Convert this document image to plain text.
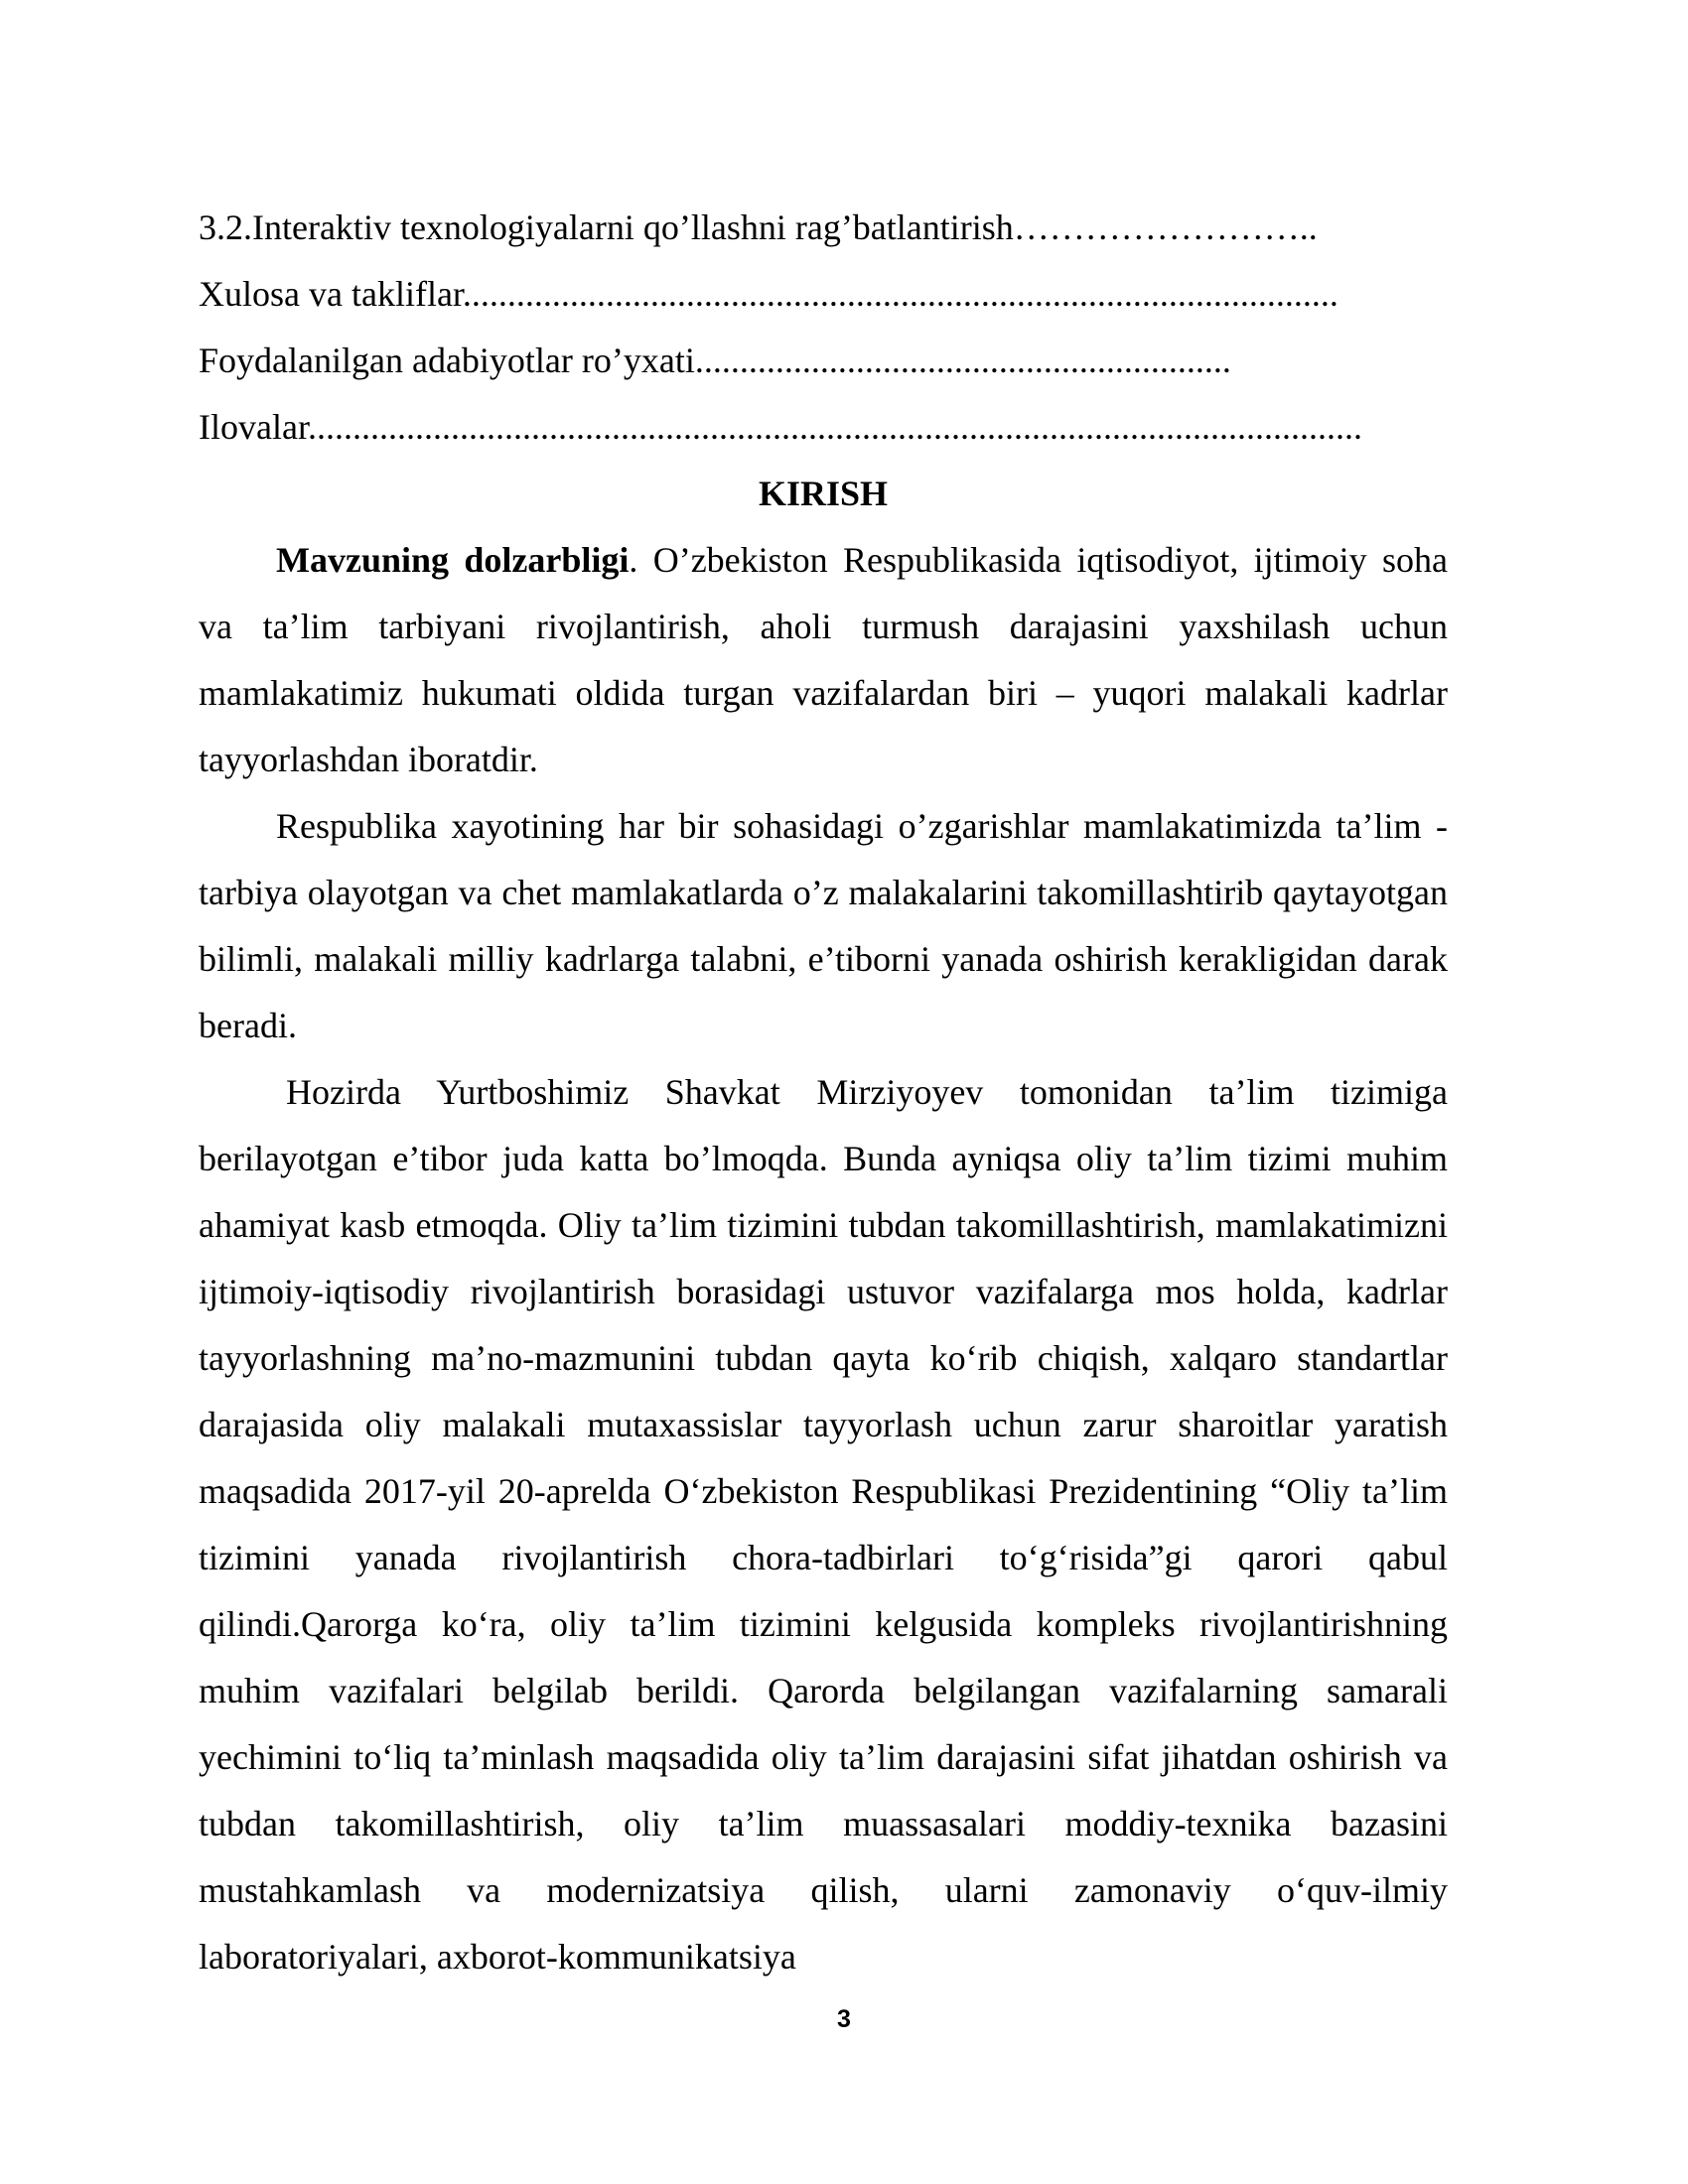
3.2.Interaktiv texnologiyalarni qo’llashni rag’batlantirish……………………..
Xulosa va takliflar..................................................................................................
Foydalanilgan adabiyotlar ro’yxati............................................................
Ilovalar......................................................................................................................
KIRISH

Mavzuning dolzarbligi. O’zbekiston Respublikasida iqtisodiyot, ijtimoiy soha va ta’lim tarbiyani rivojlantirish, aholi turmush darajasini yaxshilash uchun mamlakatimiz hukumati oldida turgan vazifalardan biri – yuqori malakali kadrlar tayyorlashdan iboratdir.

Respublika xayotining har bir sohasidagi o’zgarishlar mamlakatimizda ta’lim - tarbiya olayotgan va chet mamlakatlarda o’z malakalarini takomillashtirib qaytayotgan bilimli, malakali milliy kadrlarga talabni, e’tiborni yanada oshirish kerakligidan darak beradi.

Hozirda Yurtboshimiz Shavkat Mirziyoyev tomonidan ta’lim tizimiga berilayotgan e’tibor juda katta bo’lmoqda. Bunda ayniqsa oliy ta’lim tizimi muhim ahamiyat kasb etmoqda. Oliy ta’lim tizimini tubdan takomillashtirish, mamlakatimizni ijtimoiy-iqtisodiy rivojlantirish borasidagi ustuvor vazifalarga mos holda, kadrlar tayyorlashning ma’no-mazmunini tubdan qayta ko‘rib chiqish, xalqaro standartlar darajasida oliy malakali mutaxassislar tayyorlash uchun zarur sharoitlar yaratish maqsadida 2017-yil 20-aprelda O‘zbekiston Respublikasi Prezidentining “Oliy ta’lim tizimini yanada rivojlantirish chora-tadbirlari to‘g‘risida”gi qarori qabul qilindi.Qarorga ko‘ra, oliy ta’lim tizimini kelgusida kompleks rivojlantirishning muhim vazifalari belgilab berildi. Qarorda belgilangan vazifalarning samarali yechimini to‘liq ta’minlash maqsadida oliy ta’lim darajasini sifat jihatdan oshirish va tubdan takomillashtirish, oliy ta’lim muassasalari moddiy-texnika bazasini mustahkamlash va modernizatsiya qilish, ularni zamonaviy o‘quv-ilmiy laboratoriyalari, axborot-kommunikatsiya

3
